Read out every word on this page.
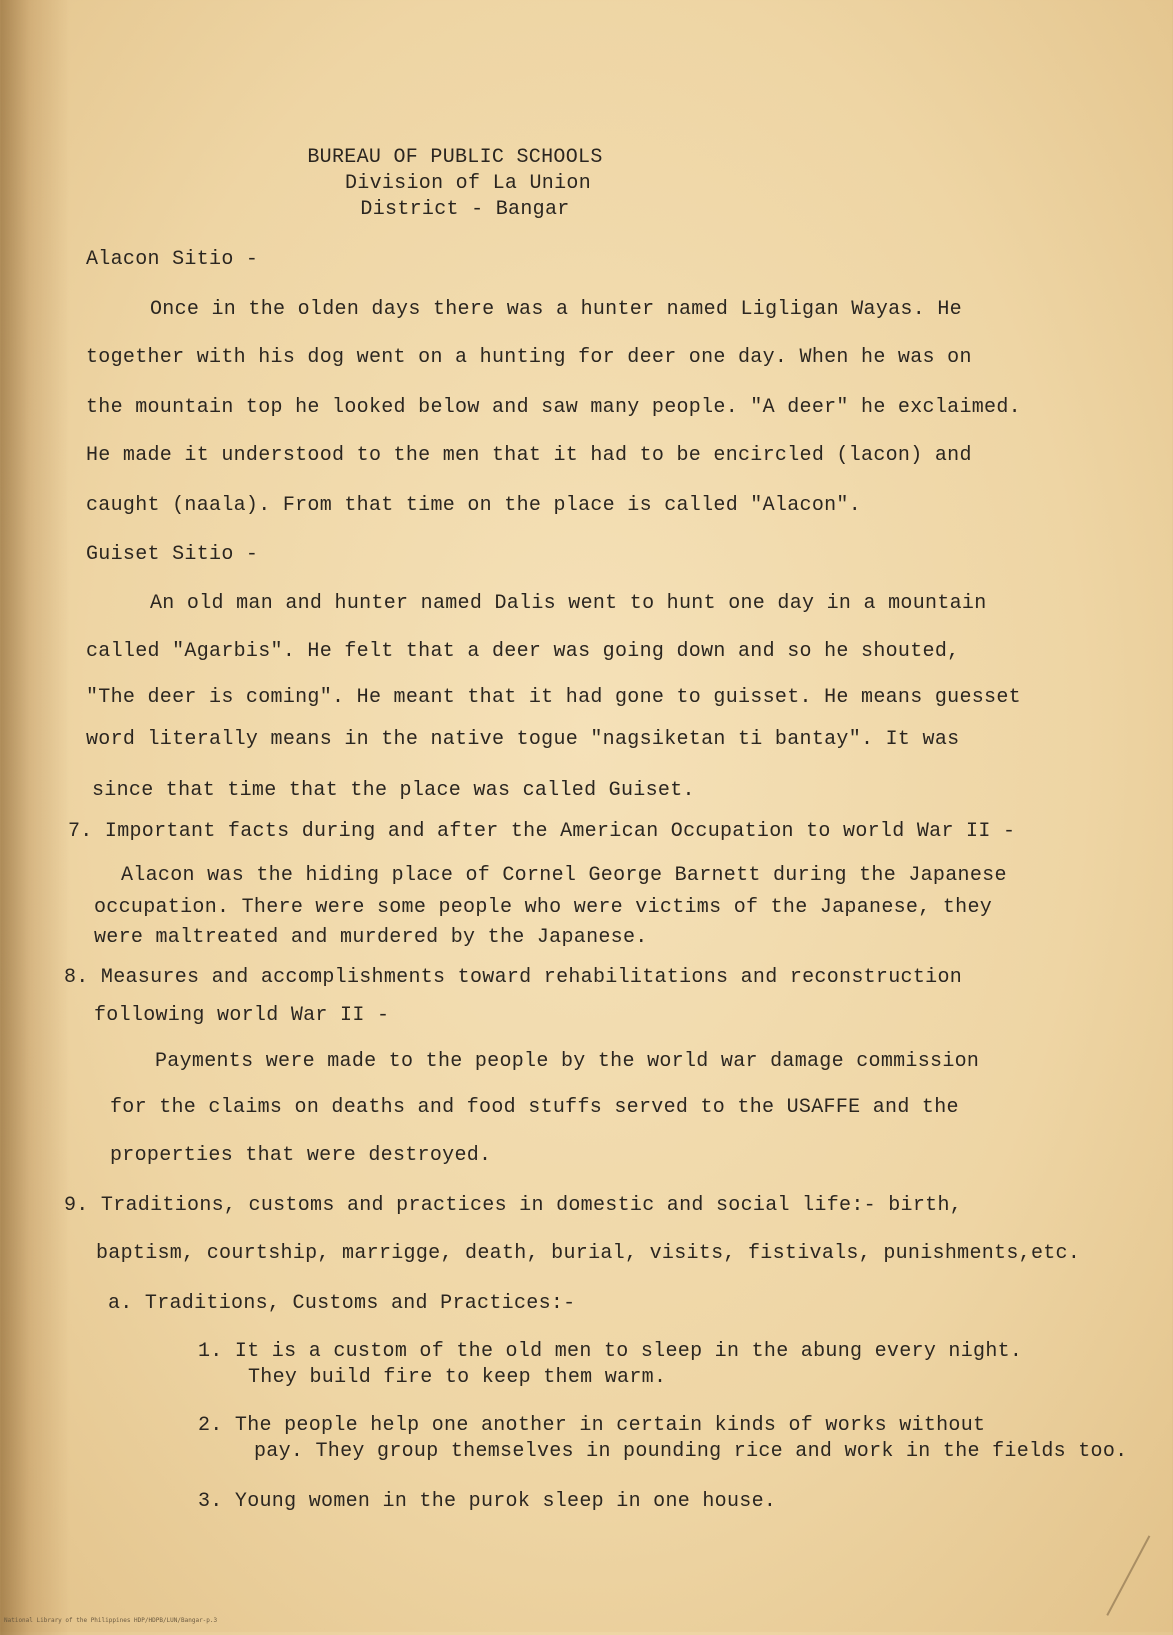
BUREAU OF PUBLIС SCHOOLS
Division of La Union
District - Bangar
Alacon Sitio -
Once in the olden days there was a hunter named Ligligan Wayas. He
together with his dog went on a hunting for deer one day. When he was on
the mountain top he looked below and saw many people. "A deer" he exclaimed.
He made it understood to the men that it had to be encircled (lacon) and
caught (naala). From that time on the place is called "Alacon".
Guiset Sitio -
An old man and hunter named Dalis went to hunt one day in a mountain
called "Agarbis". He felt that a deer was going down and so he shouted,
"The deer is coming". He meant that it had gone to guisset. He means guesset
word literally means in the native togue "nagsiketan ti bantay". It was
since that time that the place was called Guiset.
7. Important facts during and after the American Occupation to world War II -
Alacon was the hiding place of Cornel George Barnett during the Japanese
occupation. There were some people who were victims of the Japanese, they
were maltreated and murdered by the Japanese.
8. Measures and accomplishments toward rehabilitations and reconstruction
following world War II -
Payments were made to the people by the world war damage commission
for the claims on deaths and food stuffs served to the USAFFE and the
properties that were destroyed.
9. Traditions, customs and practices in domestic and social life:- birth,
baptism, courtship, marrigge, death, burial, visits, fistivals, punishments,etc.
a. Traditions, Customs and Practices:-
1. It is a custom of the old men to sleep in the abung every night.
They build fire to keep them warm.
2. The people help one another in certain kinds of works without
pay. They group themselves in pounding rice and work in the fields too.
3. Young women in the purok sleep in one house.
National Library of the Philippines HDP/HDPB/LUN/Bangar-p.3
